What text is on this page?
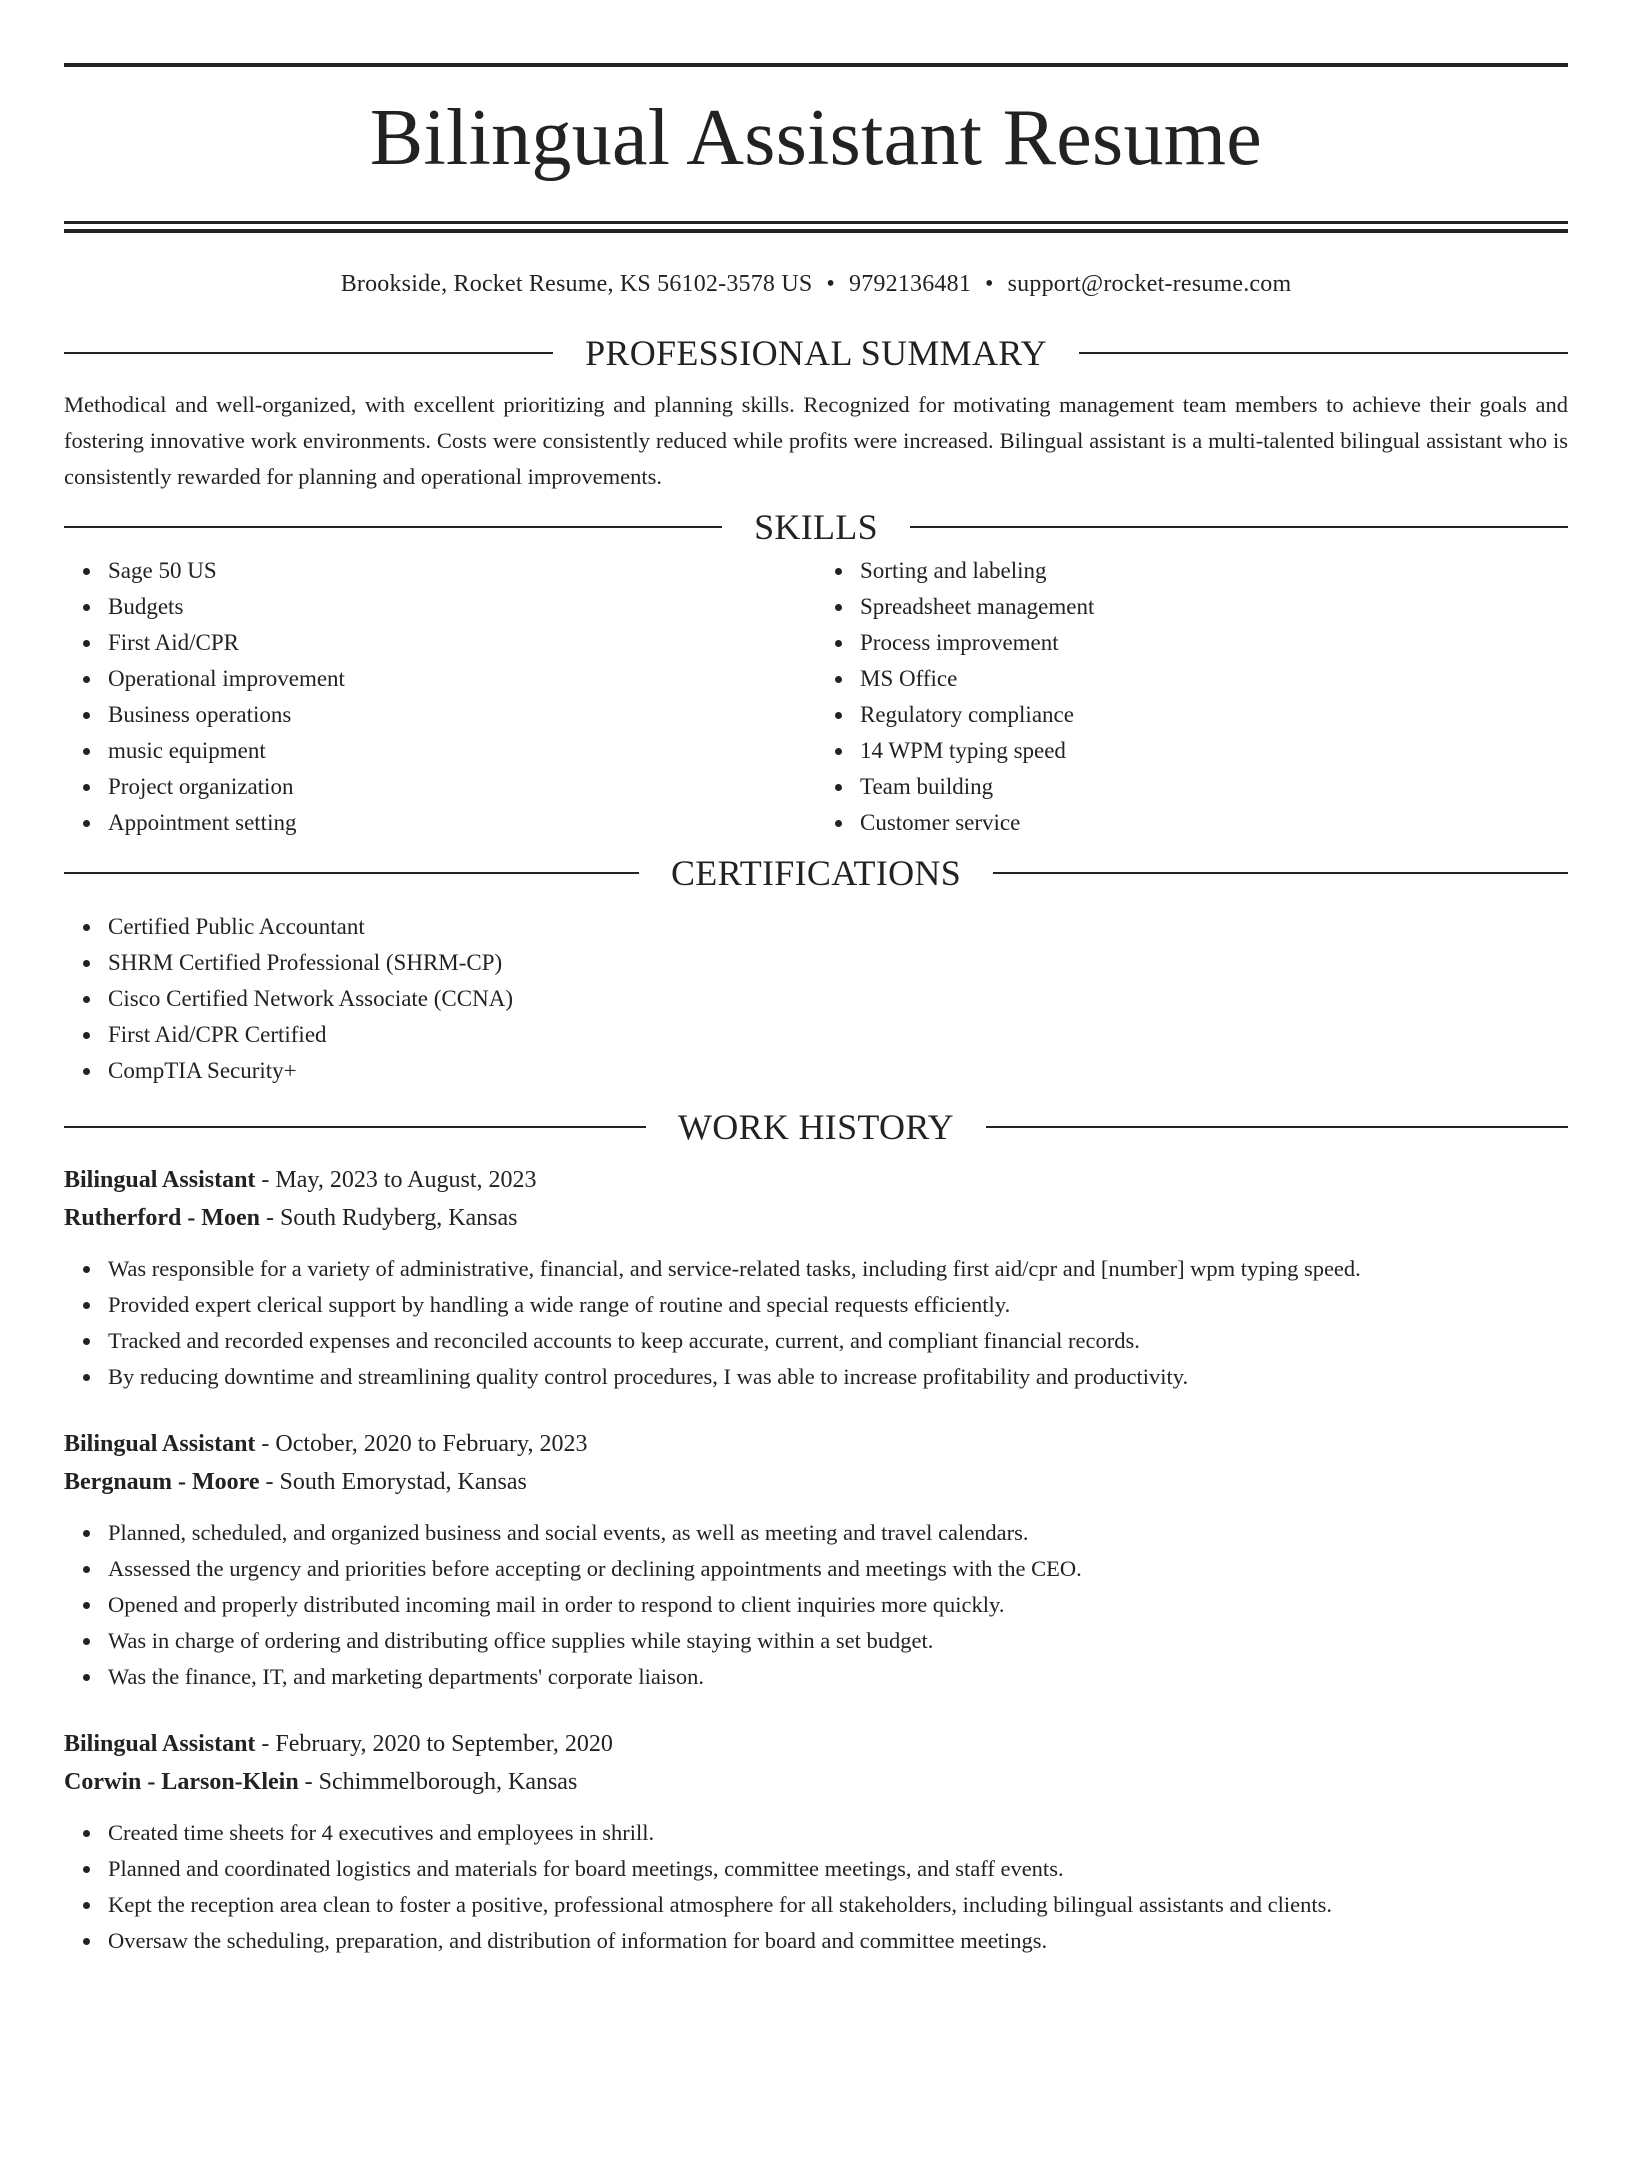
Bilingual Assistant Resume
Brookside, Rocket Resume, KS 56102-3578 US • 9792136481 • support@rocket-resume.com
PROFESSIONAL SUMMARY

Methodical and well-organized, with excellent prioritizing and planning skills. Recognized for motivating management team members to achieve their goals and fostering innovative work environments. Costs were consistently reduced while profits were increased. Bilingual assistant is a multi-talented bilingual assistant who is consistently rewarded for planning and operational improvements.

SKILLS
Sage 50 US
Budgets
First Aid/CPR
Operational improvement
Business operations
music equipment
Project organization
Appointment setting
Sorting and labeling
Spreadsheet management
Process improvement
MS Office
Regulatory compliance
14 WPM typing speed
Team building
Customer service
CERTIFICATIONS
Certified Public Accountant
SHRM Certified Professional (SHRM-CP)
Cisco Certified Network Associate (CCNA)
First Aid/CPR Certified
CompTIA Security+
WORK HISTORY
Bilingual Assistant - May, 2023 to August, 2023
Rutherford - Moen - South Rudyberg, Kansas
Was responsible for a variety of administrative, financial, and service-related tasks, including first aid/cpr and [number] wpm typing speed.
Provided expert clerical support by handling a wide range of routine and special requests efficiently.
Tracked and recorded expenses and reconciled accounts to keep accurate, current, and compliant financial records.
By reducing downtime and streamlining quality control procedures, I was able to increase profitability and productivity.
Bilingual Assistant - October, 2020 to February, 2023
Bergnaum - Moore - South Emorystad, Kansas
Planned, scheduled, and organized business and social events, as well as meeting and travel calendars.
Assessed the urgency and priorities before accepting or declining appointments and meetings with the CEO.
Opened and properly distributed incoming mail in order to respond to client inquiries more quickly.
Was in charge of ordering and distributing office supplies while staying within a set budget.
Was the finance, IT, and marketing departments' corporate liaison.
Bilingual Assistant - February, 2020 to September, 2020
Corwin - Larson-Klein - Schimmelborough, Kansas
Created time sheets for 4 executives and employees in shrill.
Planned and coordinated logistics and materials for board meetings, committee meetings, and staff events.
Kept the reception area clean to foster a positive, professional atmosphere for all stakeholders, including bilingual assistants and clients.
Oversaw the scheduling, preparation, and distribution of information for board and committee meetings.
